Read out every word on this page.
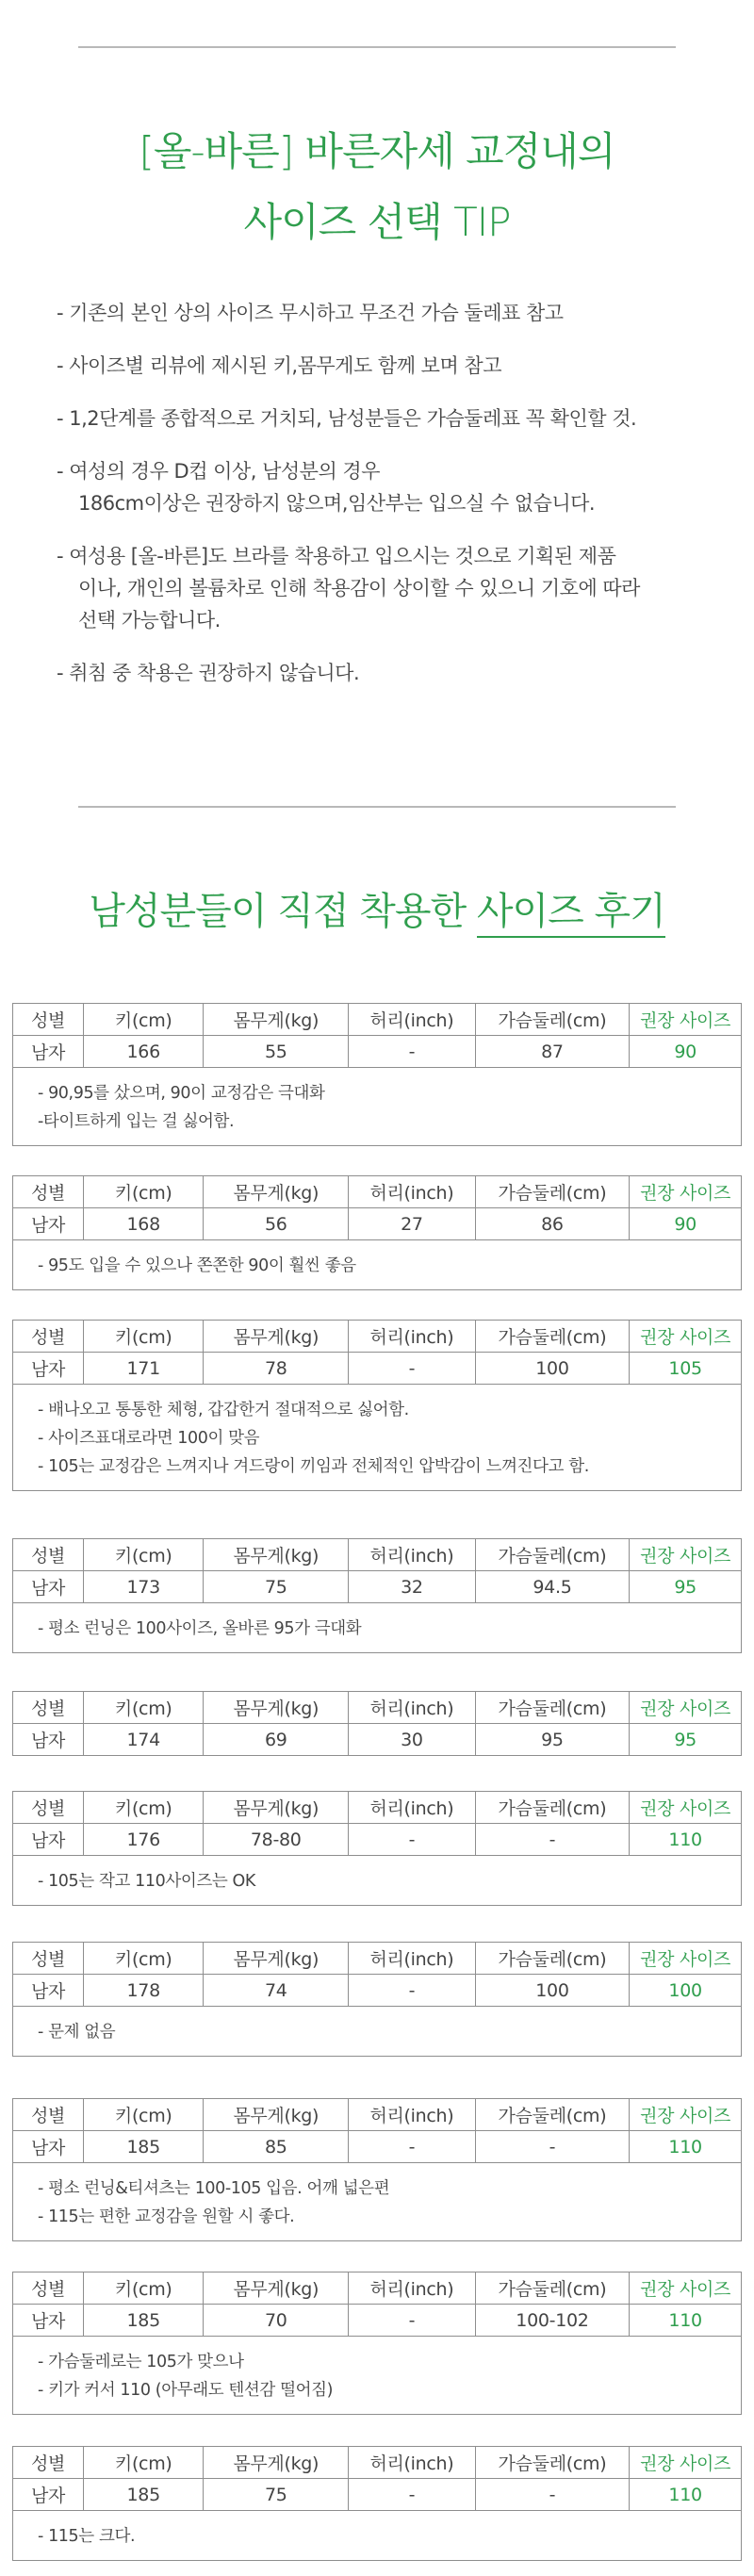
[올-바른] 바른자세 교정내의
사이즈 선택 TIP
- 기존의 본인 상의 사이즈 무시하고 무조건 가슴 둘레표 참고
- 사이즈별 리뷰에 제시된 키,몸무게도 함께 보며 참고
- 1,2단계를 종합적으로 거치되, 남성분들은 가슴둘레표 꼭 확인할 것.
- 여성의 경우 D컵 이상, 남성분의 경우
186cm이상은 권장하지 않으며,임산부는 입으실 수 없습니다.
- 여성용 [올-바른]도 브라를 착용하고 입으시는 것으로 기획된 제품
이나, 개인의 볼륨차로 인해 착용감이 상이할 수 있으니 기호에 따라
선택 가능합니다.
- 취침 중 착용은 권장하지 않습니다.
남성분들이 직접 착용한 사이즈 후기
성별	키(cm)	몸무게(kg)	허리(inch)	가슴둘레(cm)	권장 사이즈
남자	166	55	-	87	90
- 90,95를 샀으며, 90이 교정감은 극대화
-타이트하게 입는 걸 싫어함.
성별	키(cm)	몸무게(kg)	허리(inch)	가슴둘레(cm)	권장 사이즈
남자	168	56	27	86	90
- 95도 입을 수 있으나 쫀쫀한 90이 훨씬 좋음
성별	키(cm)	몸무게(kg)	허리(inch)	가슴둘레(cm)	권장 사이즈
남자	171	78	-	100	105
- 배나오고 통통한 체형, 갑갑한거 절대적으로 싫어함.
- 사이즈표대로라면 100이 맞음
- 105는 교정감은 느껴지나 겨드랑이 끼임과 전체적인 압박감이 느껴진다고 함.
성별	키(cm)	몸무게(kg)	허리(inch)	가슴둘레(cm)	권장 사이즈
남자	173	75	32	94.5	95
- 평소 런닝은 100사이즈, 올바른 95가 극대화
성별	키(cm)	몸무게(kg)	허리(inch)	가슴둘레(cm)	권장 사이즈
남자	174	69	30	95	95
성별	키(cm)	몸무게(kg)	허리(inch)	가슴둘레(cm)	권장 사이즈
남자	176	78-80	-	-	110
- 105는 작고 110사이즈는 OK
성별	키(cm)	몸무게(kg)	허리(inch)	가슴둘레(cm)	권장 사이즈
남자	178	74	-	100	100
- 문제 없음
성별	키(cm)	몸무게(kg)	허리(inch)	가슴둘레(cm)	권장 사이즈
남자	185	85	-	-	110
- 평소 런닝&티셔츠는 100-105 입음. 어깨 넓은편
- 115는 편한 교정감을 원할 시 좋다.
성별	키(cm)	몸무게(kg)	허리(inch)	가슴둘레(cm)	권장 사이즈
남자	185	70	-	100-102	110
- 가슴둘레로는 105가 맞으나
- 키가 커서 110 (아무래도 텐션감 떨어짐)
성별	키(cm)	몸무게(kg)	허리(inch)	가슴둘레(cm)	권장 사이즈
남자	185	75	-	-	110
- 115는 크다.
